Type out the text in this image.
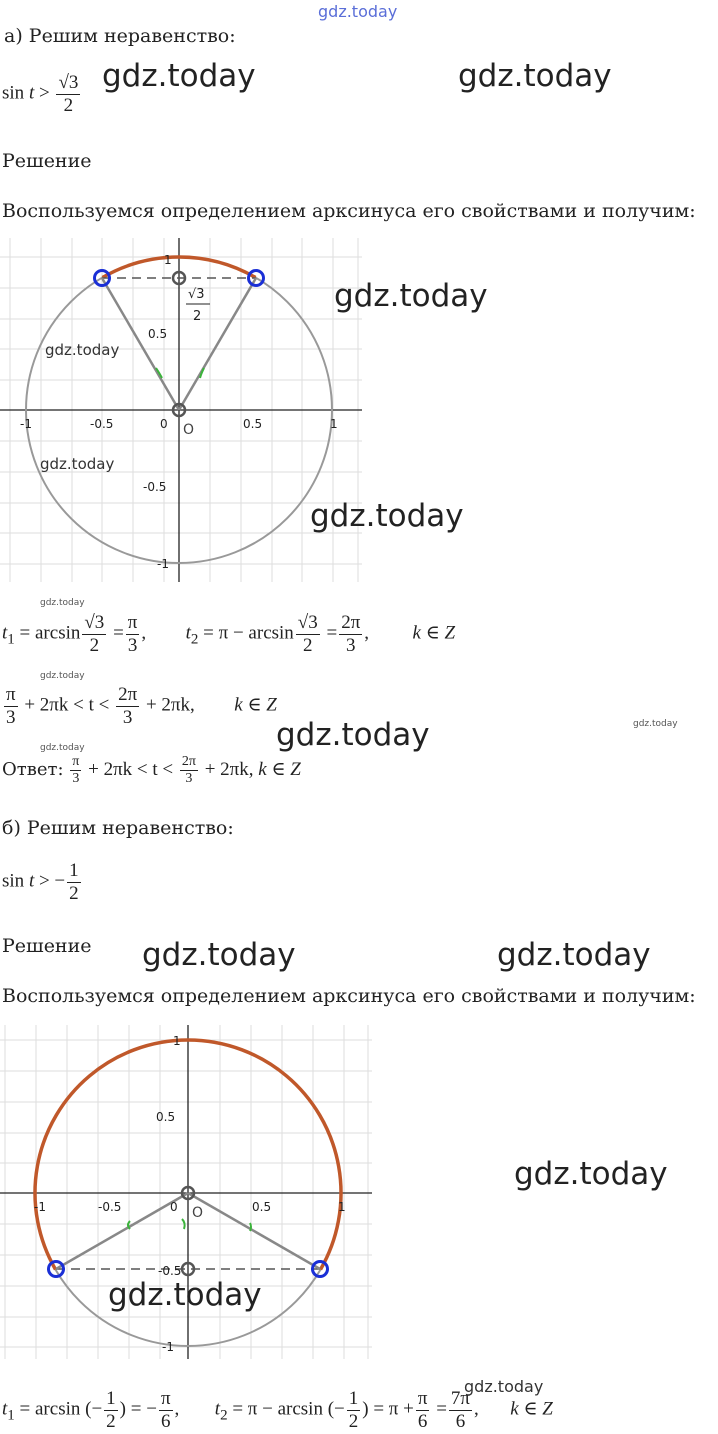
gdz.today
а) Решим неравенство:
$\sin t > \frac{√3}{2}$ gdz.today	gdz.today
Решение
Воспользуемся определением арксинуса его свойствами и получим:
-1	-0.5	0	0.5	1
1
0.5
-0.5
-1
O
√3
2
gdz.today
gdz.today
gdz.today
gdz.today
gdz.today
$t_1 = \arcsin \frac{√3}{2} = \frac{\pi}{3}$ , $t_2 = \pi - \arcsin \frac{√3}{2} = \frac{2\pi}{3}$ , k ∈ Z
gdz.today
$\frac{\pi}{3} + 2\pi k < t < \frac{2\pi}{3} + 2\pi k$, k ∈ Z
gdz.today
gdz.today
gdz.today
Ответ: $\frac{\pi}{3} + 2\pi k < t < \frac{2\pi}{3} + 2\pi k$, k ∈ Z
б) Решим неравенство:
sin t > − $\frac{1}{2}$
Решение gdz.today	gdz.today
Воспользуемся определением арксинуса его свойствами и получим:
-1	-0.5	0	0.5	1
1
0.5
-0.5
-1
O
gdz.today
gdz.today
gdz.today
$t_1 = \arcsin$ (− $\frac{1}{2}$ ) = − $\frac{\pi}{6}$ , $t_2 = \pi - \arcsin$ (− $\frac{1}{2}$ ) = $\pi + \frac{\pi}{6} = \frac{7\pi}{6}$ , k ∈ Z
